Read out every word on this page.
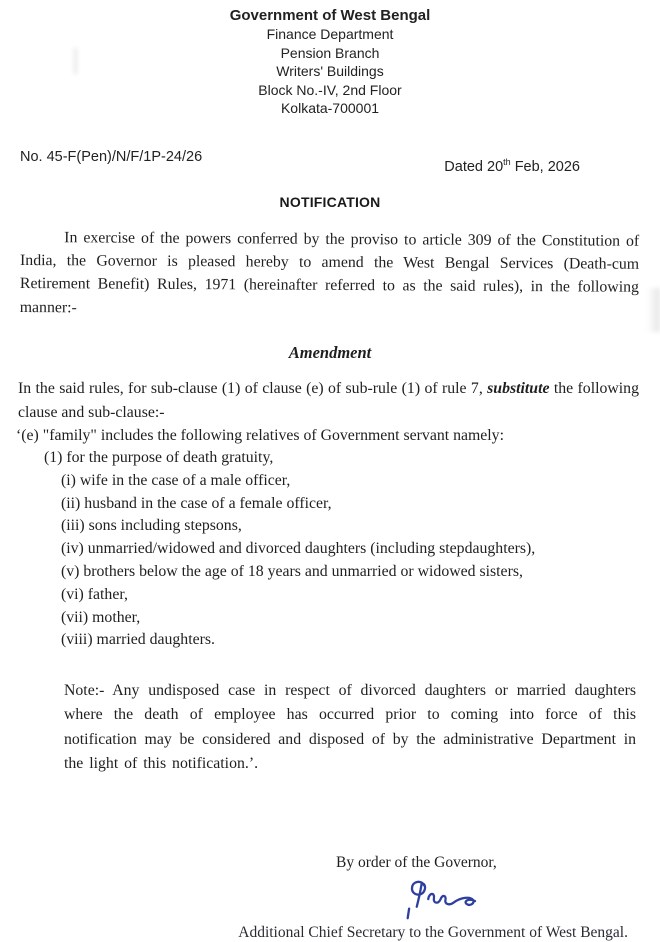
Government of West Bengal
Finance Department
Pension Branch
Writers' Buildings
Block No.-IV, 2nd Floor
Kolkata-700001
No. 45-F(Pen)/N/F/1P-24/26
Dated 20th Feb, 2026
NOTIFICATION

In exercise of the powers conferred by the proviso to article 309 of the Constitution of India, the Governor is pleased hereby to amend the West Bengal Services (Death-cum Retirement Benefit) Rules, 1971 (hereinafter referred to as the said rules), in the following manner:-

Amendment

In the said rules, for sub-clause (1) of clause (e) of sub-rule (1) of rule 7, substitute the following clause and sub-clause:-

‘(e) "family" includes the following relatives of Government servant namely:
(1) for the purpose of death gratuity,
(i) wife in the case of a male officer,
(ii) husband in the case of a female officer,
(iii) sons including stepsons,
(iv) unmarried/widowed and divorced daughters (including stepdaughters),
(v) brothers below the age of 18 years and unmarried or widowed sisters,
(vi) father,
(vii) mother,
(viii) married daughters.

Note:- Any undisposed case in respect of divorced daughters or married daughters where the death of employee has occurred prior to coming into force of this notification may be considered and disposed of by the administrative Department in the light of this notification.’.

By order of the Governor,
Additional Chief Secretary to the Government of West Bengal.
